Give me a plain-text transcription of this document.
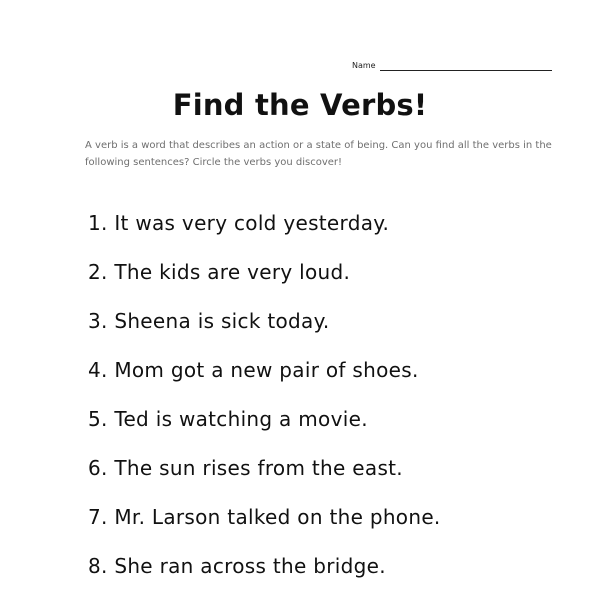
Name
Find the Verbs!

A verb is a word that describes an action or a state of being. Can you find all the verbs in the following sentences? Circle the verbs you discover!

1. It was very cold yesterday.
2. The kids are very loud.
3. Sheena is sick today.
4. Mom got a new pair of shoes.
5. Ted is watching a movie.
6. The sun rises from the east.
7. Mr. Larson talked on the phone.
8. She ran across the bridge.
